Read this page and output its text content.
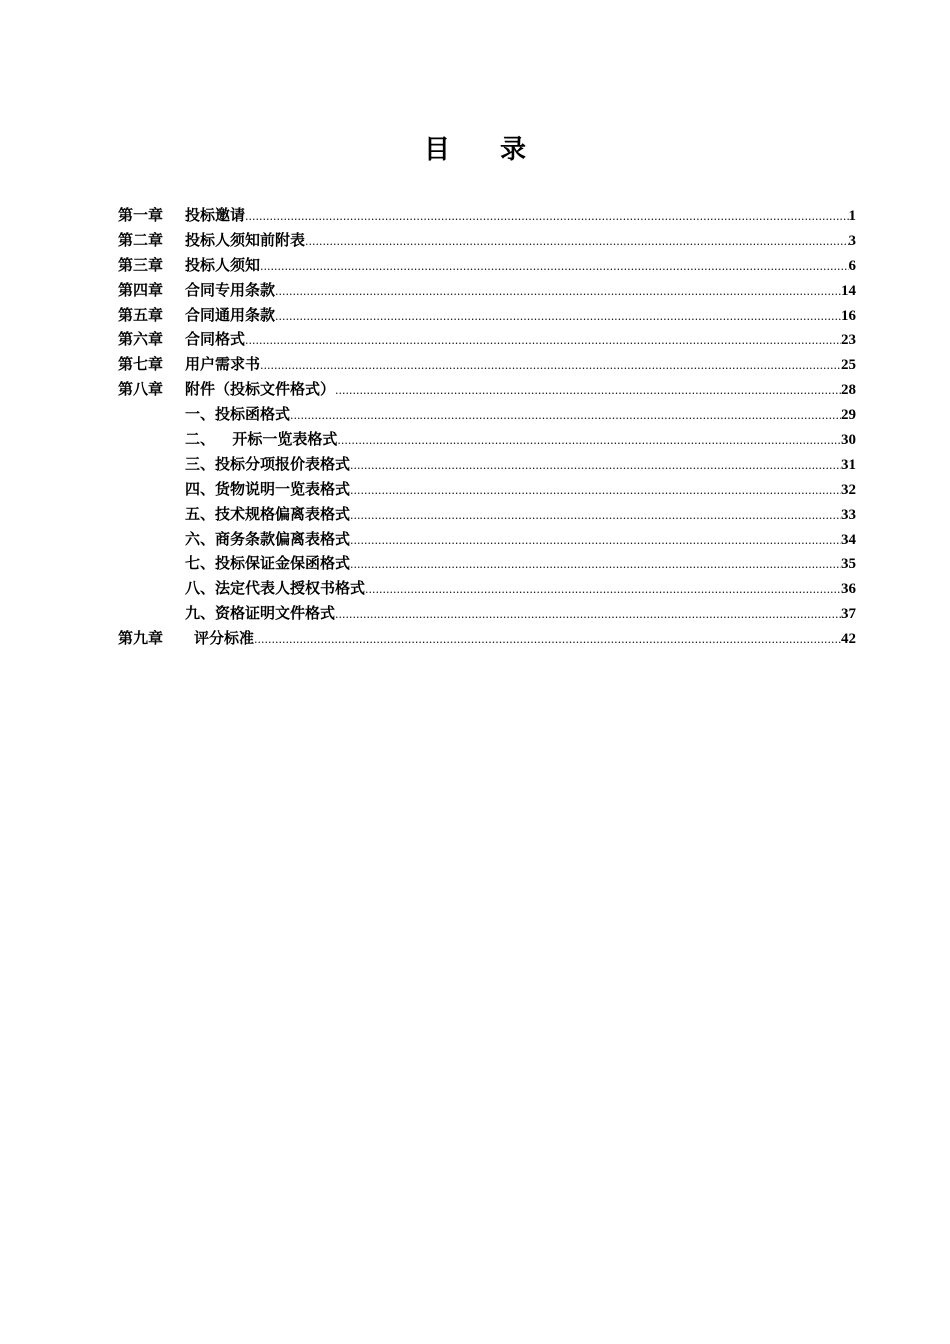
目 录
第一章	投标邀请 .....	1
第二章	投标人须知前附表 .....	3
第三章	投标人须知 .....	6
第四章	合同专用条款 .....	14
第五章	合同通用条款 .....	16
第六章	合同格式 .....	23
第七章	用户需求书 .....	25
第八章	附件（投标文件格式） .....	28
一、投标函格式 .....	29
二、 开标一览表格式 .....	30
三、投标分项报价表格式 .....	31
四、货物说明一览表格式 .....	32
五、技术规格偏离表格式 .....	33
六、商务条款偏离表格式 .....	34
七、投标保证金保函格式 .....	35
八、法定代表人授权书格式 .....	36
九、资格证明文件格式 .....	37
第九章	评分标准 .....	42
